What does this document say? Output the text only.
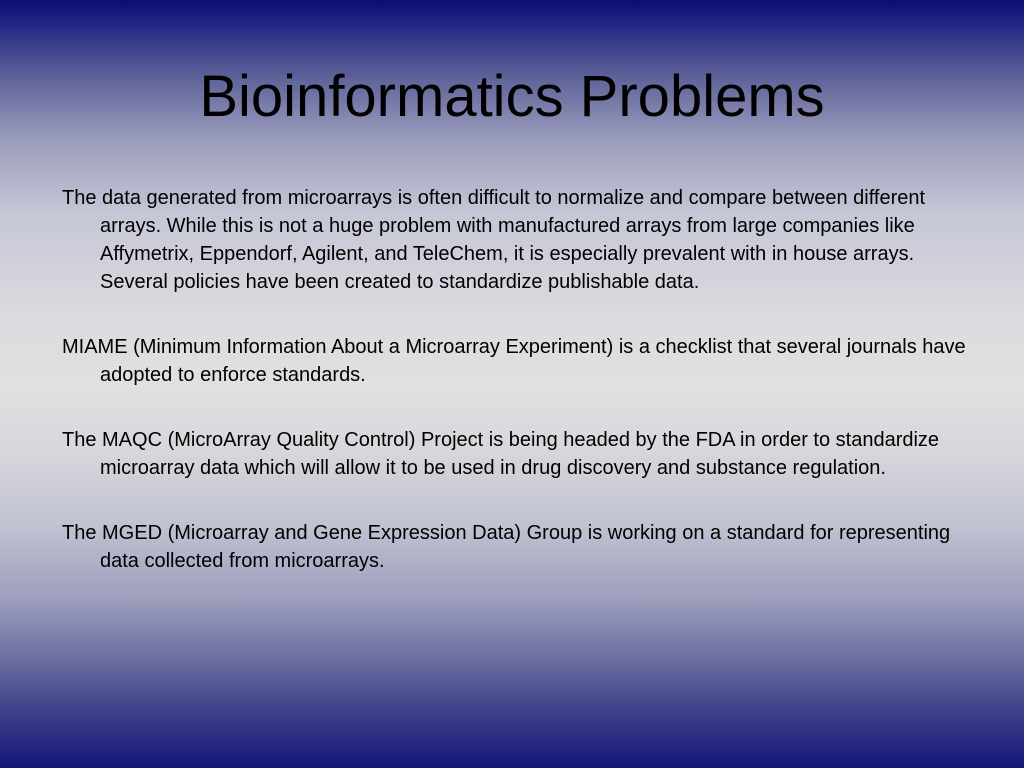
Bioinformatics Problems

The data generated from microarrays is often difficult to normalize and compare between different arrays. While this is not a huge problem with manufactured arrays from large companies like Affymetrix, Eppendorf, Agilent, and TeleChem, it is especially prevalent with in house arrays. Several policies have been created to standardize publishable data.

MIAME (Minimum Information About a Microarray Experiment) is a checklist that several journals have adopted to enforce standards.

The MAQC (MicroArray Quality Control) Project is being headed by the FDA in order to standardize microarray data which will allow it to be used in drug discovery and substance regulation.

The MGED (Microarray and Gene Expression Data) Group is working on a standard for representing data collected from microarrays.
